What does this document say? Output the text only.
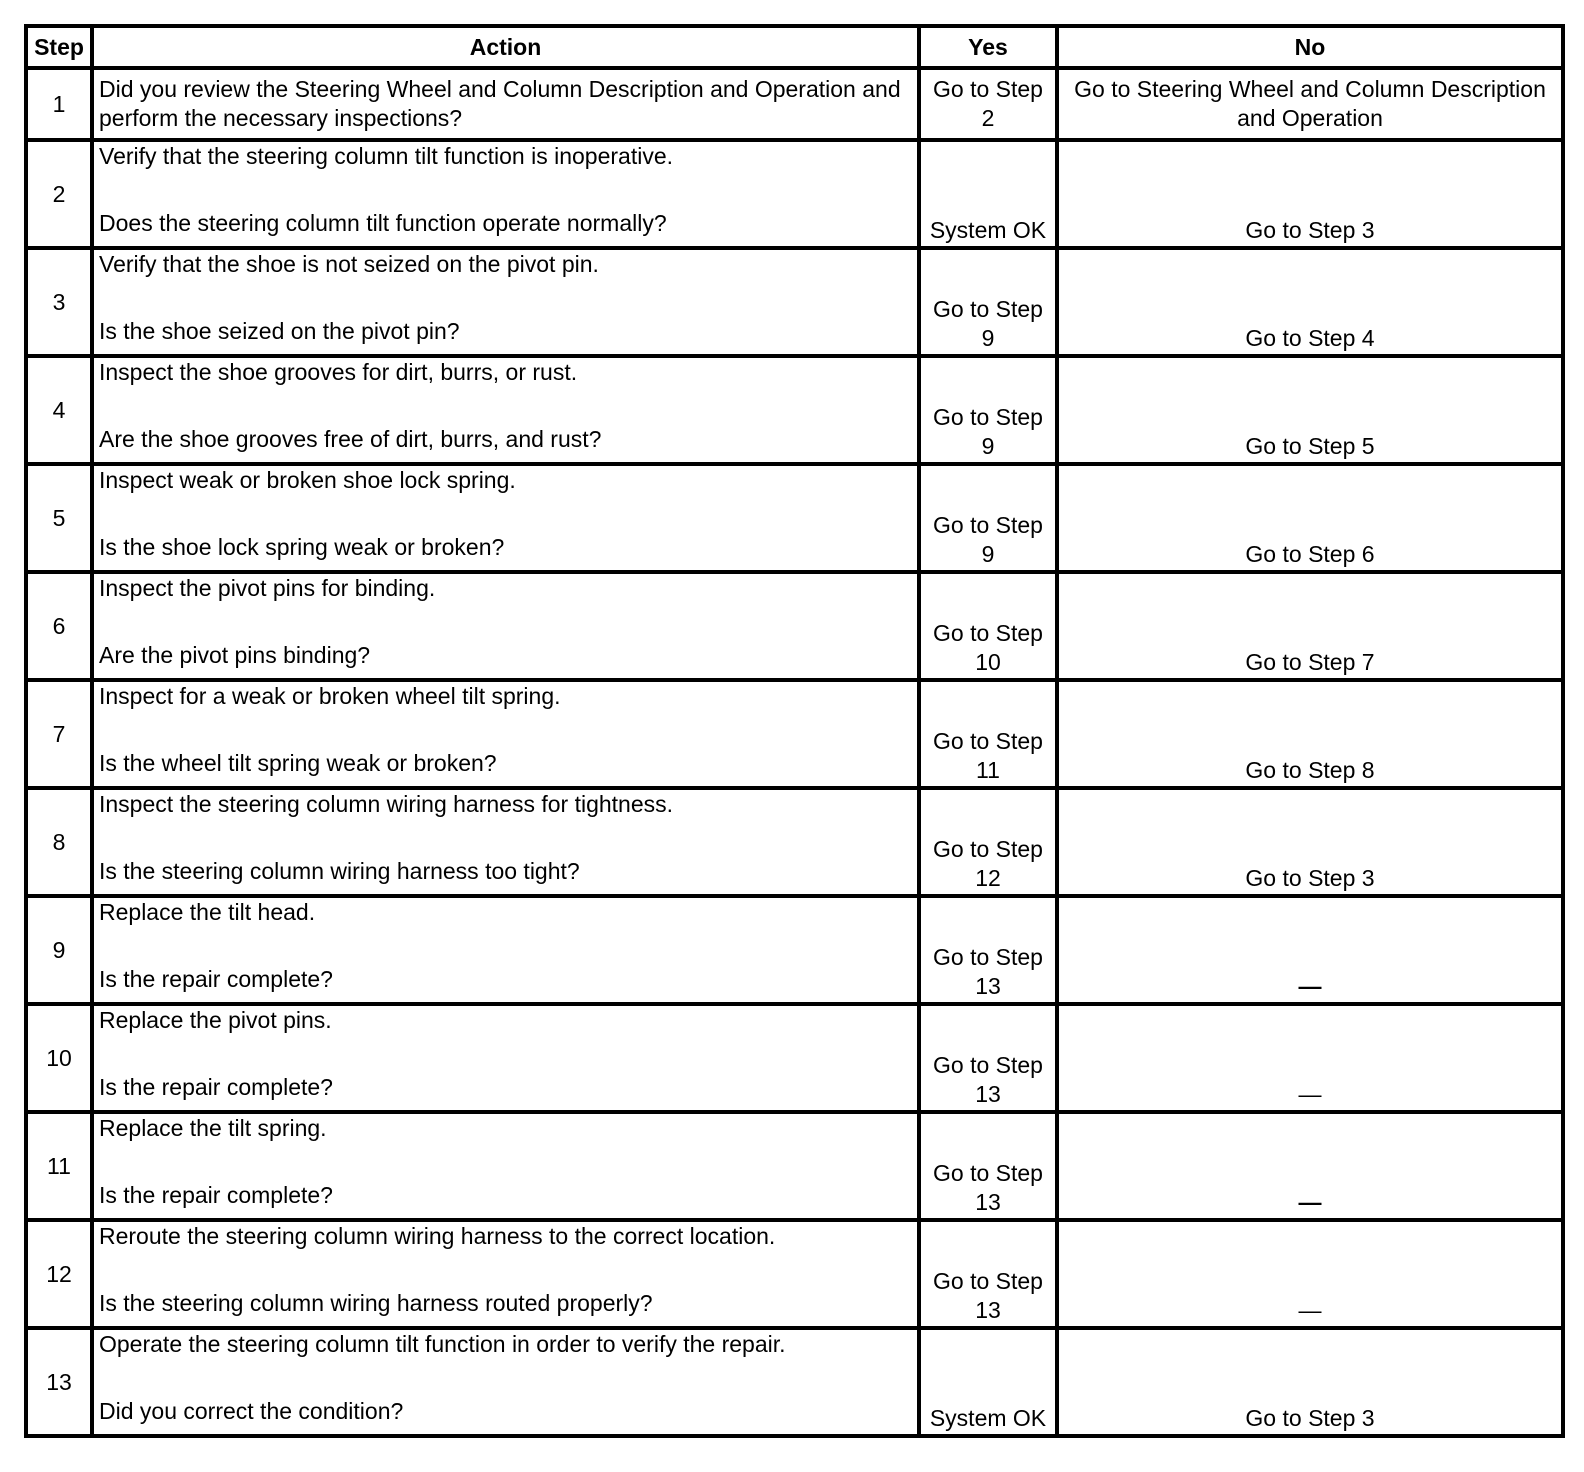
Step	Action	Yes	No
1	Did you review the Steering Wheel and Column Description and Operation and perform the necessary inspections?	Go to Step 2	Go to Steering Wheel and Column Description and Operation

2	Verify that the steering column tilt function is inoperative.
Does the steering column tilt function operate normally?	System OK	Go to Step 3

3	Verify that the shoe is not seized on the pivot pin.
Is the shoe seized on the pivot pin?	Go to Step 9	Go to Step 4

4	Inspect the shoe grooves for dirt, burrs, or rust.
Are the shoe grooves free of dirt, burrs, and rust?	Go to Step 9	Go to Step 5

5	Inspect weak or broken shoe lock spring.
Is the shoe lock spring weak or broken?	Go to Step 9	Go to Step 6

6	Inspect the pivot pins for binding.
Are the pivot pins binding?	Go to Step 10	Go to Step 7

7	Inspect for a weak or broken wheel tilt spring.
Is the wheel tilt spring weak or broken?	Go to Step 11	Go to Step 8

8	Inspect the steering column wiring harness for tightness.
Is the steering column wiring harness too tight?	Go to Step 12	Go to Step 3

9	Replace the tilt head.
Is the repair complete?	Go to Step 13	—

10	Replace the pivot pins.
Is the repair complete?	Go to Step 13	—

11	Replace the tilt spring.
Is the repair complete?	Go to Step 13	—

12	Reroute the steering column wiring harness to the correct location.
Is the steering column wiring harness routed properly?	Go to Step 13	—

13	Operate the steering column tilt function in order to verify the repair.
Did you correct the condition?	System OK	Go to Step 3
